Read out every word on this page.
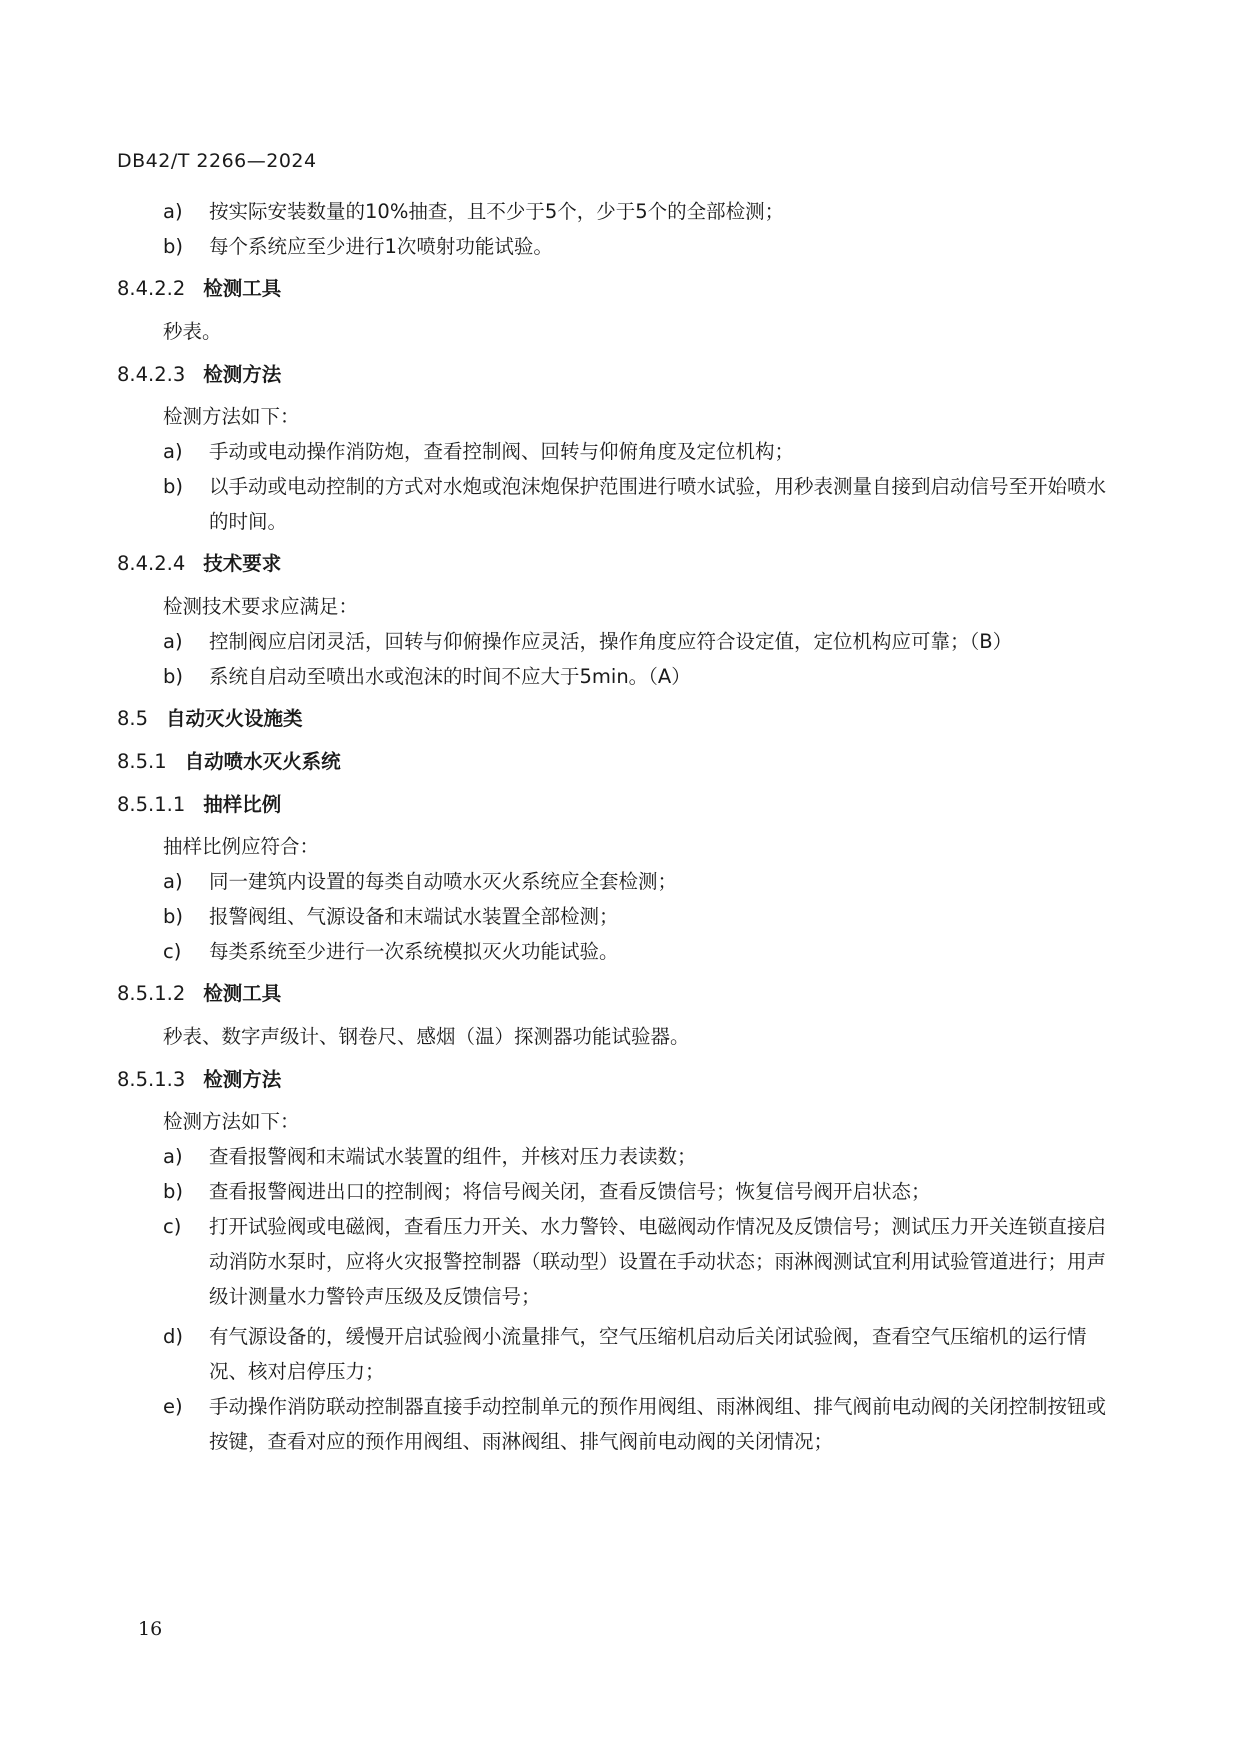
DB42/T 2266—2024
a)	按实际安装数量的10%抽查，且不少于5个，少于5个的全部检测；
b)	每个系统应至少进行1次喷射功能试验。
8.4.2.2 检测工具
秒表。
8.4.2.3 检测方法
检测方法如下：
a)	手动或电动操作消防炮，查看控制阀、回转与仰俯角度及定位机构；
b)	以手动或电动控制的方式对水炮或泡沫炮保护范围进行喷水试验，用秒表测量自接到启动信号至开始喷水的时间。
8.4.2.4 技术要求
检测技术要求应满足：
a)	控制阀应启闭灵活，回转与仰俯操作应灵活，操作角度应符合设定值，定位机构应可靠；（B）
b)	系统自启动至喷出水或泡沫的时间不应大于5min。（A）
8.5 自动灭火设施类
8.5.1 自动喷水灭火系统
8.5.1.1 抽样比例
抽样比例应符合：
a)	同一建筑内设置的每类自动喷水灭火系统应全套检测；
b)	报警阀组、气源设备和末端试水装置全部检测；
c)	每类系统至少进行一次系统模拟灭火功能试验。
8.5.1.2 检测工具
秒表、数字声级计、钢卷尺、感烟（温）探测器功能试验器。
8.5.1.3 检测方法
检测方法如下：
a)	查看报警阀和末端试水装置的组件，并核对压力表读数；
b)	查看报警阀进出口的控制阀；将信号阀关闭，查看反馈信号；恢复信号阀开启状态；
c)	打开试验阀或电磁阀，查看压力开关、水力警铃、电磁阀动作情况及反馈信号；测试压力开关连锁直接启动消防水泵时，应将火灾报警控制器（联动型）设置在手动状态；雨淋阀测试宜利用试验管道进行；用声级计测量水力警铃声压级及反馈信号；
d)	有气源设备的，缓慢开启试验阀小流量排气，空气压缩机启动后关闭试验阀，查看空气压缩机的运行情况、核对启停压力；
e)	手动操作消防联动控制器直接手动控制单元的预作用阀组、雨淋阀组、排气阀前电动阀的关闭控制按钮或按键，查看对应的预作用阀组、雨淋阀组、排气阀前电动阀的关闭情况；
16
